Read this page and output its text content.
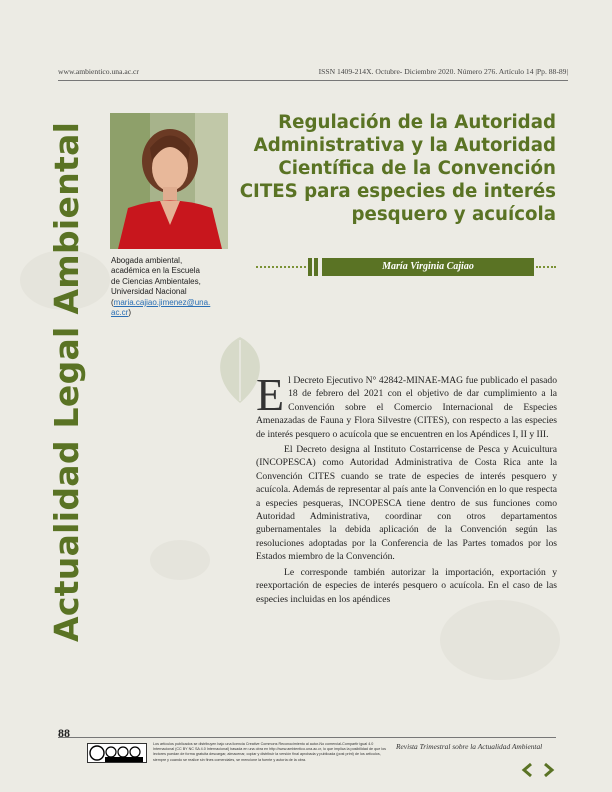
www.ambientico.una.ac.cr	ISSN 1409-214X. Octubre- Diciembre 2020. Número 276. Artículo 14 |Pp. 88-89|
Actualidad Legal Ambiental	Abogada ambiental,
académica en la Escuela
de Ciencias Ambientales,
Universidad Nacional
(maria.cajiao.jimenez@una.
ac.cr)
Regulación de la Autoridad
Administrativa y la Autoridad
Científica de la Convención
CITES para especies de interés
pesquero y acuícola
María Virginia Cajiao

El Decreto Ejecutivo N° 42842-MINAE-MAG fue publicado el pasado 18 de febrero del 2021 con el objetivo de dar cumplimiento a la Convención sobre el Comercio Internacional de Especies Amenazadas de Fauna y Flora Silvestre (CITES), con respecto a las especies de interés pesquero o acuícola que se encuentren en los Apéndices I, II y III.

El Decreto designa al Instituto Costarricense de Pesca y Acuicultura (INCOPESCA) como Autoridad Administrativa de Costa Rica ante la Convención CITES cuando se trate de especies de interés pesquero y acuícola. Además de representar al país ante la Convención en lo que respecta a especies pesqueras, INCOPESCA tiene dentro de sus funciones como Autoridad Administrativa, coordinar con otros departamentos gubernamentales la debida aplicación de la Convención según las resoluciones adoptadas por la Conferencia de las Partes tomados por los Estados miembro de la Convención.

Le corresponde también autorizar la importación, exportación y reexportación de especies de interés pesquero o acuícola. En el caso de las especies incluidas en los apéndices

88
Los artículos publicados se distribuyen bajo una licencia Creative Commons Reconocimiento al autor-No comercial-Compartir igual 4.0 Internacional (CC BY NC SA 4.0 Internacional) basada en una obra en http://www.ambientico.una.ac.cr, lo que implica la posibilidad de que los lectores puedan de forma gratuita descargar, almacenar, copiar y distribuir la versión final aprobada y publicada (post print) de los artículos, siempre y cuando se realice sin fines comerciales, se mencione la fuente y autoría de la obra.
Revista Trimestral sobre la Actualidad Ambiental
